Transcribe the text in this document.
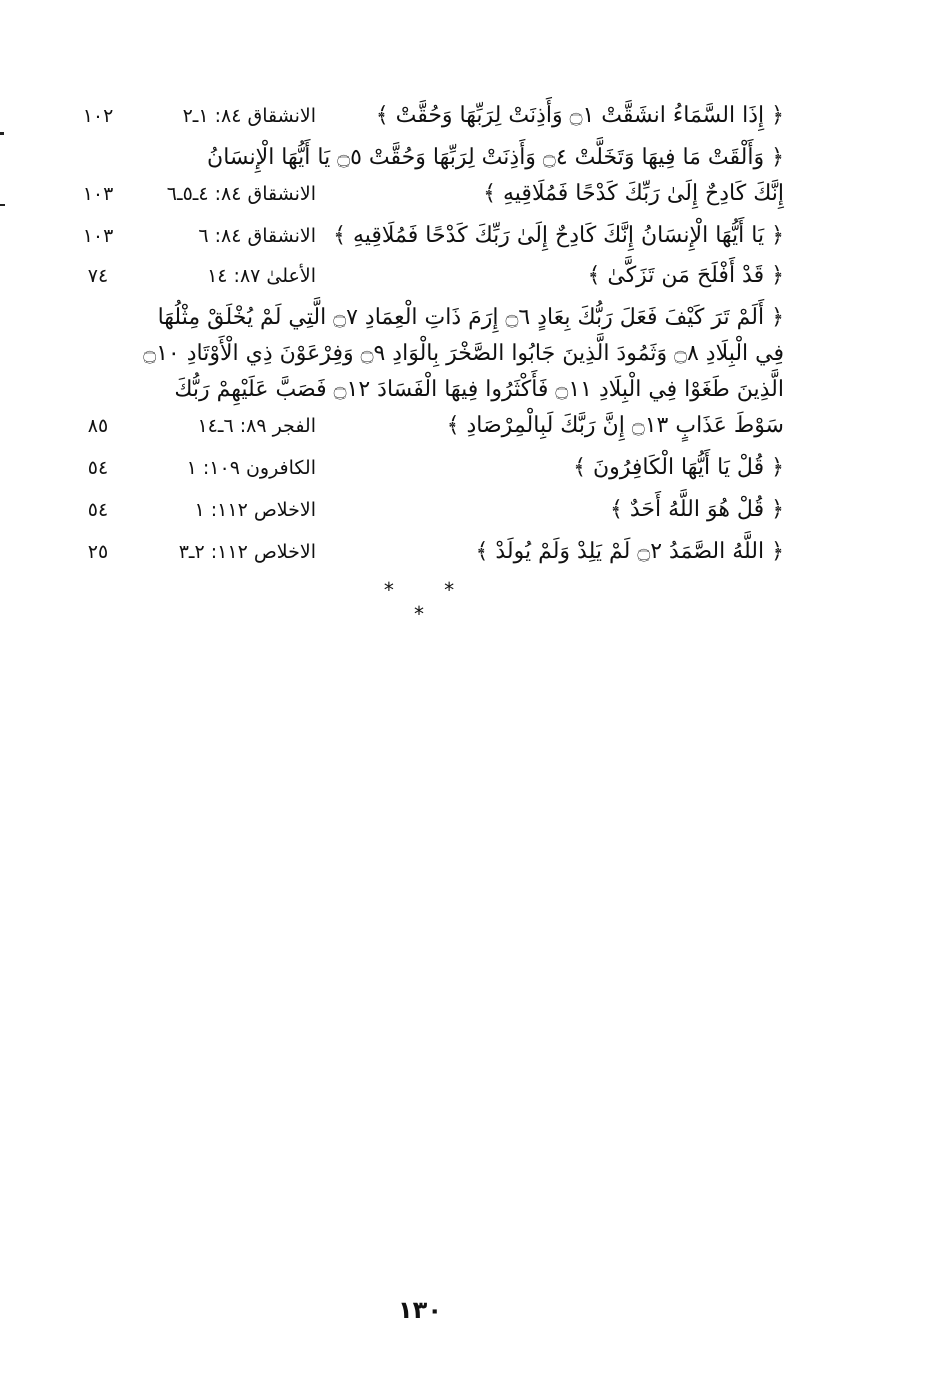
﴿ إِذَا السَّمَاءُ انشَقَّتْ ۝١ وَأَذِنَتْ لِرَبِّهَا وَحُقَّتْ ﴾
الانشقاق ٨٤: ١ـ٢
١٠٢
﴿ وَأَلْقَتْ مَا فِيهَا وَتَخَلَّتْ ۝٤ وَأَذِنَتْ لِرَبِّهَا وَحُقَّتْ ۝٥ يَا أَيُّهَا الْإِنسَانُ
إِنَّكَ كَادِحٌ إِلَىٰ رَبِّكَ كَدْحًا فَمُلَاقِيهِ ﴾
الانشقاق ٨٤: ٤ـ٥ـ٦
١٠٣
﴿ يَا أَيُّهَا الْإِنسَانُ إِنَّكَ كَادِحٌ إِلَىٰ رَبِّكَ كَدْحًا فَمُلَاقِيهِ ﴾
الانشقاق ٨٤: ٦
١٠٣
﴿ قَدْ أَفْلَحَ مَن تَزَكَّىٰ ﴾
الأعلىٰ ٨٧: ١٤
٧٤
﴿ أَلَمْ تَرَ كَيْفَ فَعَلَ رَبُّكَ بِعَادٍ ۝٦ إِرَمَ ذَاتِ الْعِمَادِ ۝٧ الَّتِي لَمْ يُخْلَقْ مِثْلُهَا
فِي الْبِلَادِ ۝٨ وَثَمُودَ الَّذِينَ جَابُوا الصَّخْرَ بِالْوَادِ ۝٩ وَفِرْعَوْنَ ذِي الْأَوْتَادِ ۝١٠
الَّذِينَ طَغَوْا فِي الْبِلَادِ ۝١١ فَأَكْثَرُوا فِيهَا الْفَسَادَ ۝١٢ فَصَبَّ عَلَيْهِمْ رَبُّكَ
سَوْطَ عَذَابٍ ۝١٣ إِنَّ رَبَّكَ لَبِالْمِرْصَادِ ﴾
الفجر ٨٩: ٦ـ١٤
٨٥
﴿ قُلْ يَا أَيُّهَا الْكَافِرُونَ ﴾
الكافرون ١٠٩: ١
٥٤
﴿ قُلْ هُوَ اللَّهُ أَحَدٌ ﴾
الاخلاص ١١٢: ١
٥٤
﴿ اللَّهُ الصَّمَدُ ۝٢ لَمْ يَلِدْ وَلَمْ يُولَدْ ﴾
الاخلاص ١١٢: ٢ـ٣
٢٥
* * *
١٣٠
